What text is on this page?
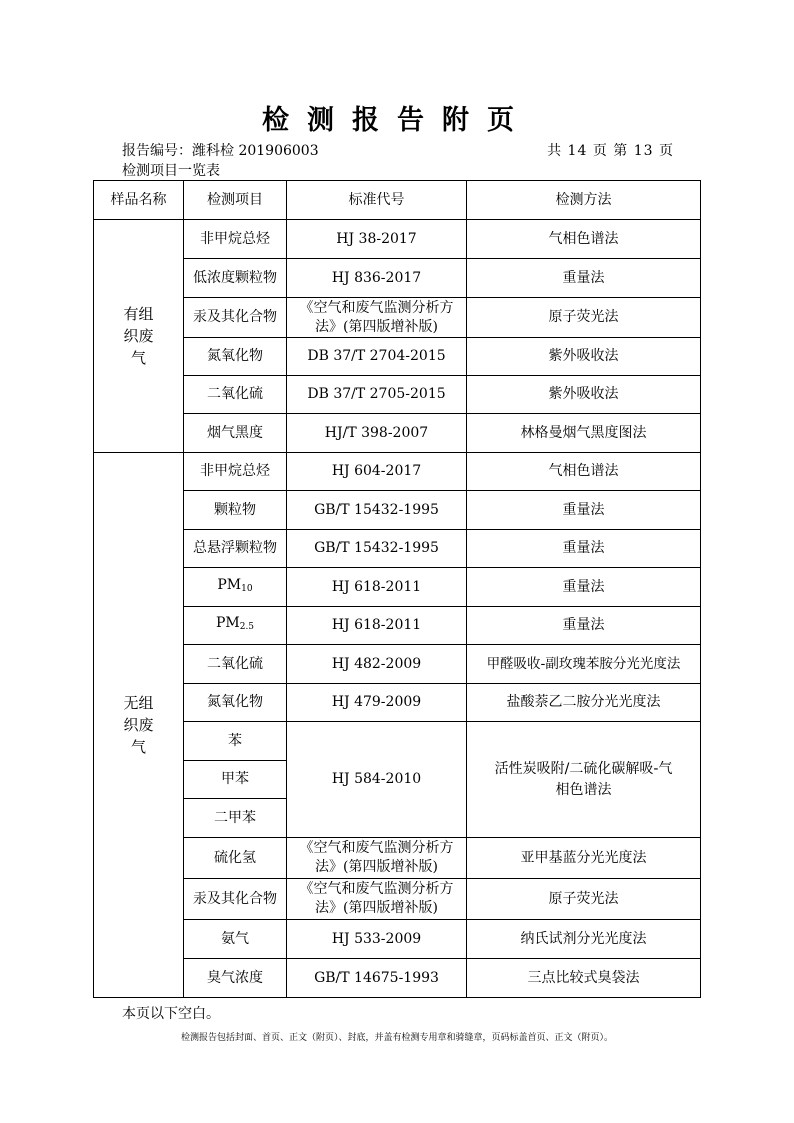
检测报告附页
报告编号：潍科检 201906003	共 14 页 第 13 页
检测项目一览表
样品名称	检测项目	标准代号	检测方法

有组织废气	非甲烷总烃	HJ 38-2017	气相色谱法
	低浓度颗粒物	HJ 836-2017	重量法
	汞及其化合物	《空气和废气监测分析方法》(第四版增补版)	原子荧光法
	氮氧化物	DB 37/T 2704-2015	紫外吸收法
	二氧化硫	DB 37/T 2705-2015	紫外吸收法
	烟气黑度	HJ/T 398-2007	林格曼烟气黑度图法

无组织废气	非甲烷总烃	HJ 604-2017	气相色谱法
	颗粒物	GB/T 15432-1995	重量法
	总悬浮颗粒物	GB/T 15432-1995	重量法
	$PM_{10}$	HJ 618-2011	重量法
	$PM_{2.5}$	HJ 618-2011	重量法
	二氧化硫	HJ 482-2009	甲醛吸收-副玫瑰苯胺分光光度法
	氮氧化物	HJ 479-2009	盐酸萘乙二胺分光光度法
	苯	HJ 584-2010	活性炭吸附/二硫化碳解吸-气相色谱法

	甲苯		
	二甲苯		
	硫化氢	《空气和废气监测分析方法》(第四版增补版)	亚甲基蓝分光光度法
	汞及其化合物	《空气和废气监测分析方法》(第四版增补版)	原子荧光法
	氨气	HJ 533-2009	纳氏试剂分光光度法
	臭气浓度	GB/T 14675-1993	三点比较式臭袋法
本页以下空白。
检测报告包括封面、首页、正文（附页）、封底，并盖有检测专用章和骑缝章，页码标盖首页、正文（附页）。
